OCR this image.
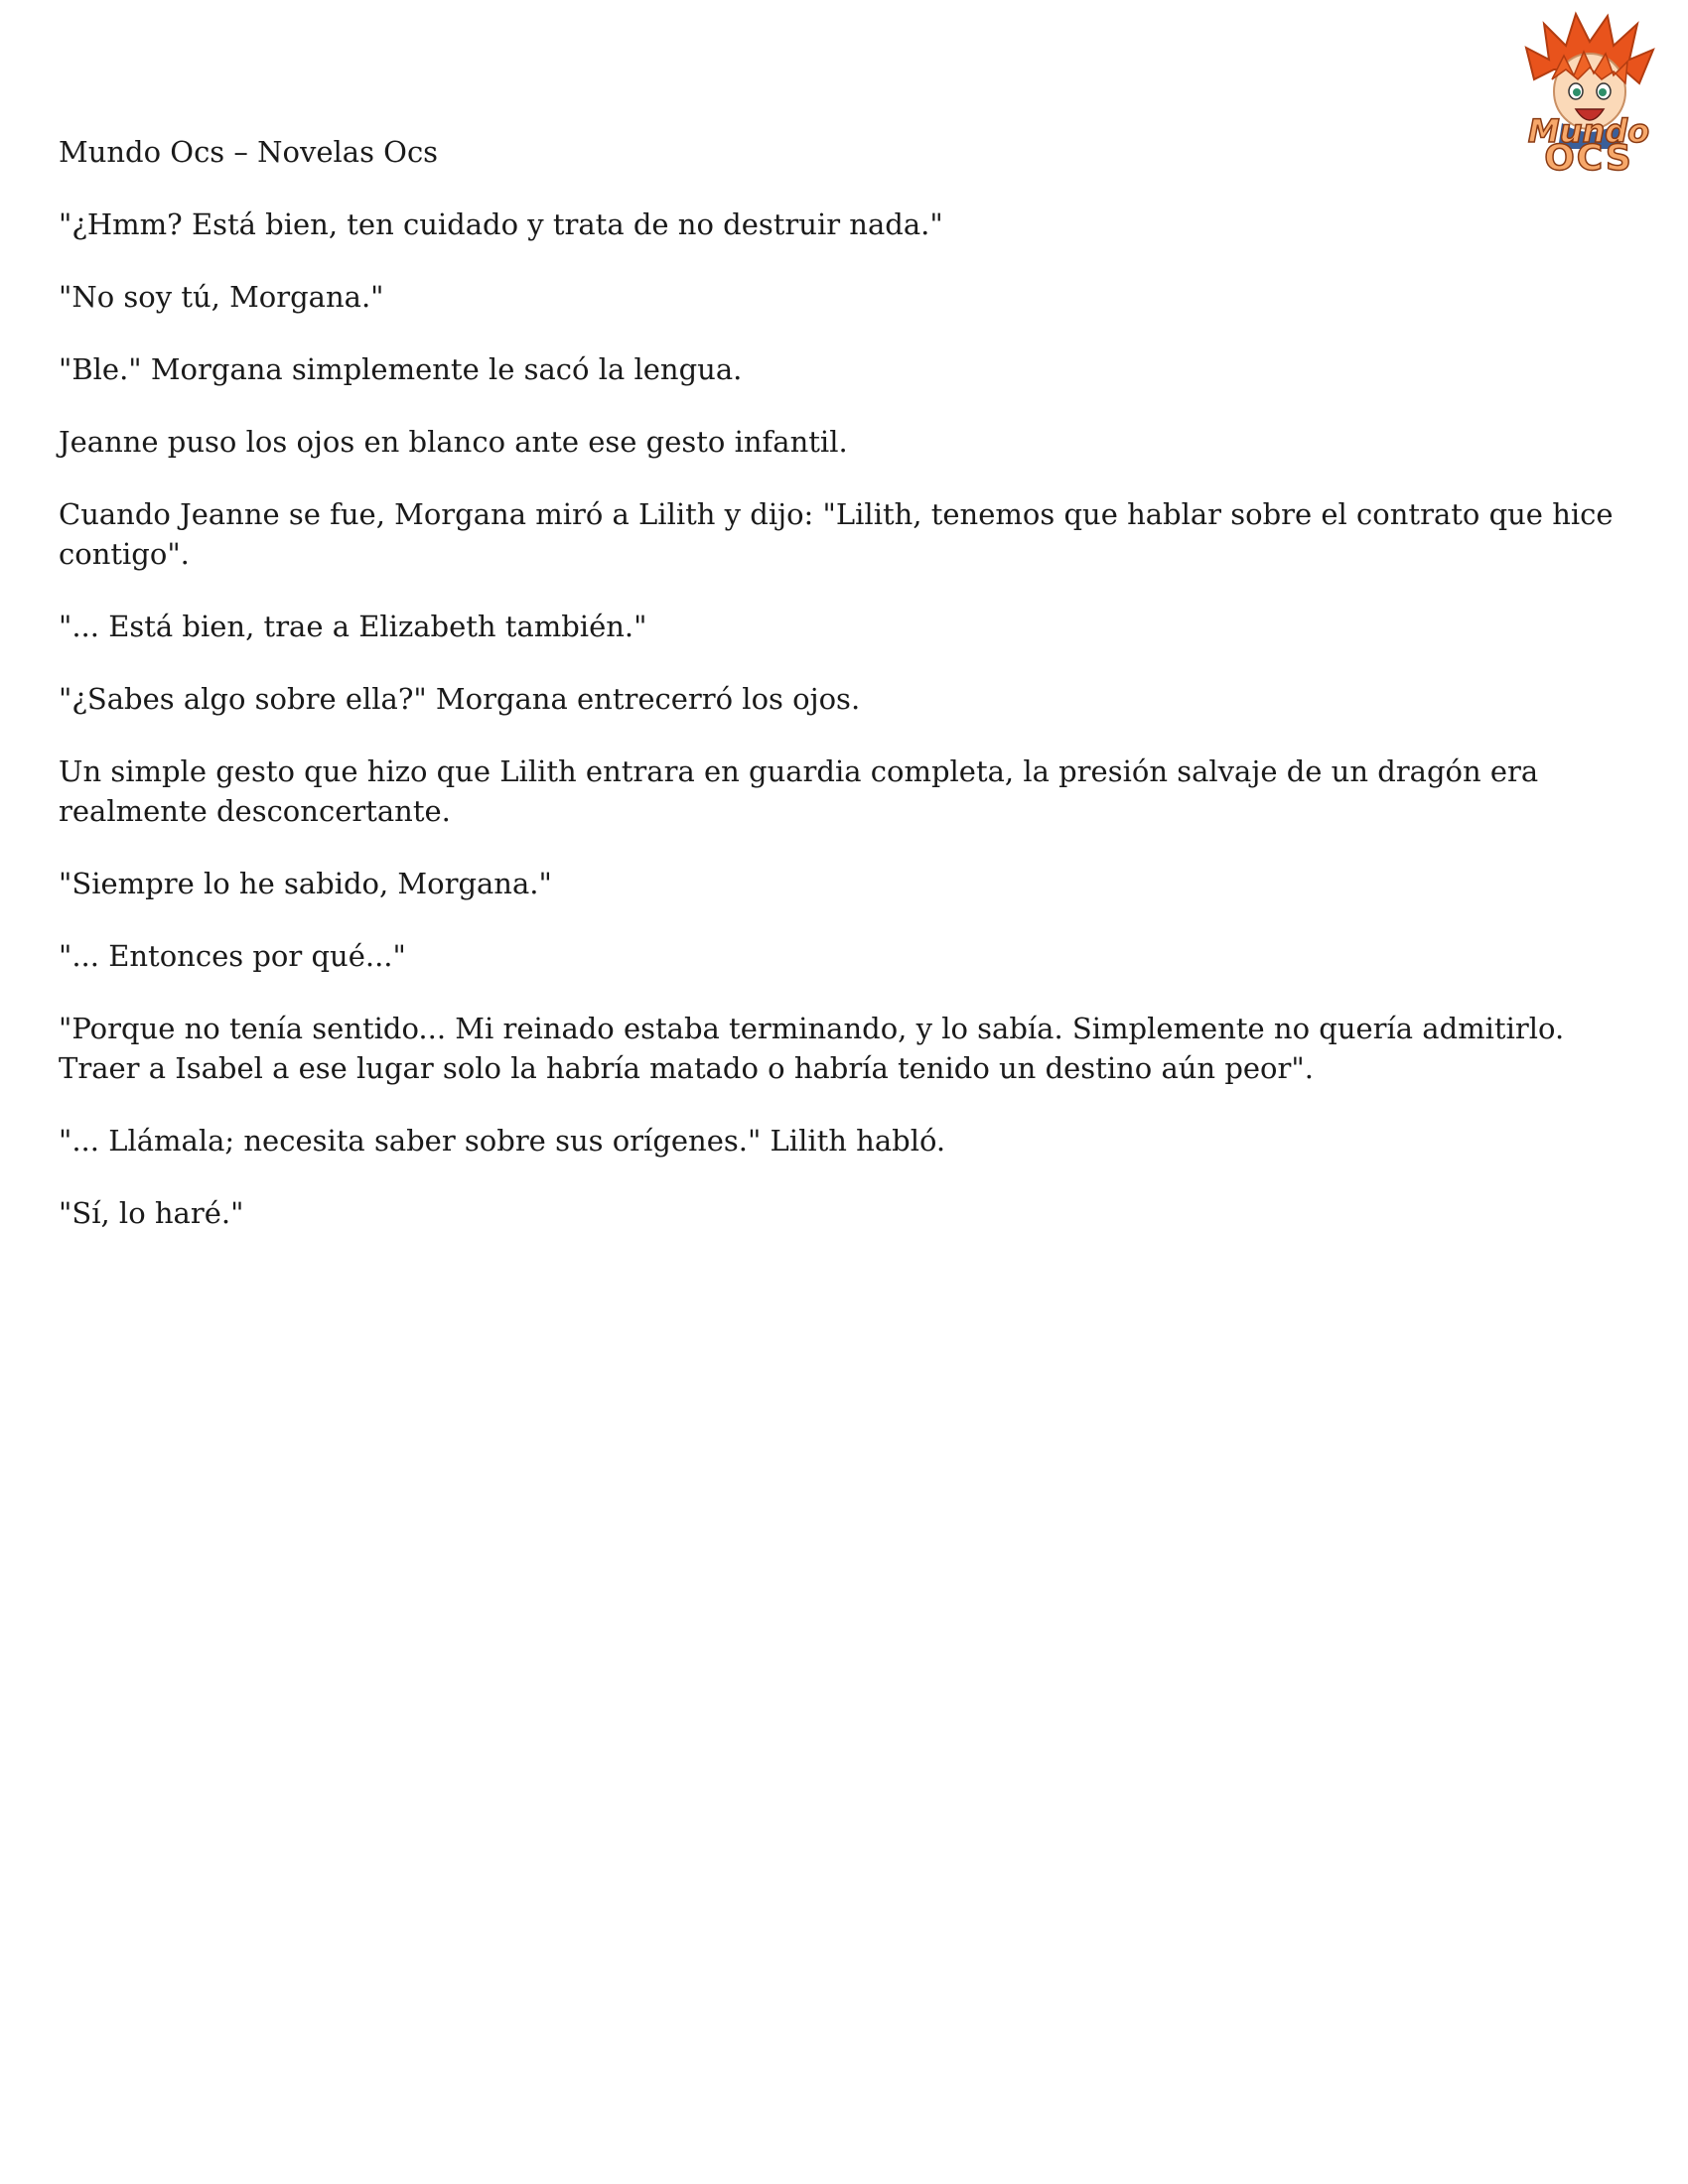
Mundo
OCS

Mundo Ocs – Novelas Ocs

"¿Hmm? Está bien, ten cuidado y trata de no destruir nada."

"No soy tú, Morgana."

"Ble." Morgana simplemente le sacó la lengua.

Jeanne puso los ojos en blanco ante ese gesto infantil.

Cuando Jeanne se fue, Morgana miró a Lilith y dijo: "Lilith, tenemos que hablar sobre el contrato que hice contigo".

"... Está bien, trae a Elizabeth también."

"¿Sabes algo sobre ella?" Morgana entrecerró los ojos.

Un simple gesto que hizo que Lilith entrara en guardia completa, la presión salvaje de un dragón era realmente desconcertante.

"Siempre lo he sabido, Morgana."

"... Entonces por qué..."

"Porque no tenía sentido... Mi reinado estaba terminando, y lo sabía. Simplemente no quería admitirlo. Traer a Isabel a ese lugar solo la habría matado o habría tenido un destino aún peor".

"... Llámala; necesita saber sobre sus orígenes." Lilith habló.

"Sí, lo haré."
